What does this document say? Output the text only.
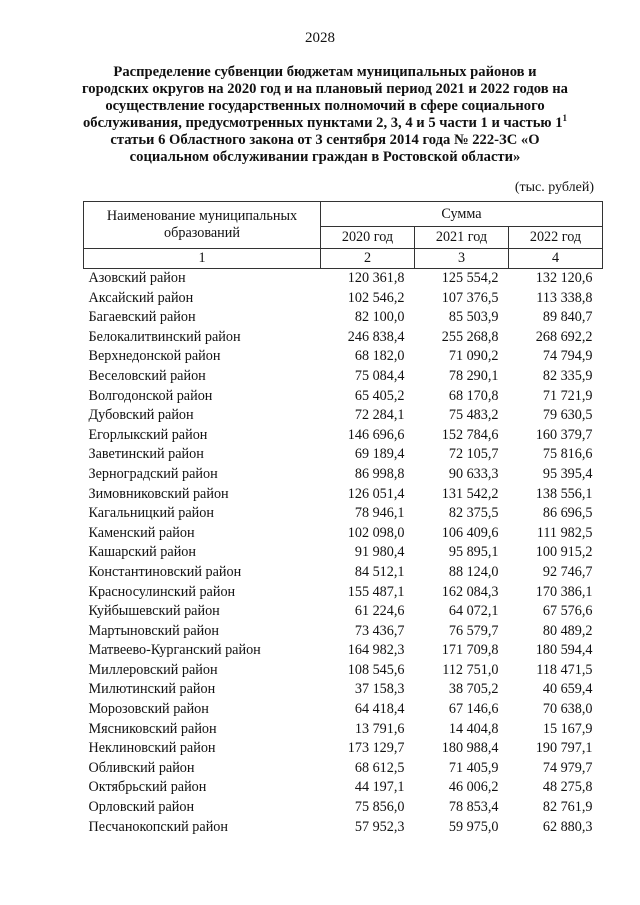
2028
Распределение субвенции бюджетам муниципальных районов и городских округов на 2020 год и на плановый период 2021 и 2022 годов на осуществление государственных полномочий в сфере социального обслуживания, предусмотренных пунктами 2, 3, 4 и 5 части 1 и частью $1^1$ статьи 6 Областного закона от 3 сентября 2014 года № 222-ЗС «О социальном обслуживании граждан в Ростовской области»
(тыс. рублей)
Наименование муниципальных образований	Сумма		
	2020 год	2021 год	2022 год
1	2	3	4
Азовский район	120 361,8	125 554,2	132 120,6
Аксайский район	102 546,2	107 376,5	113 338,8
Багаевский район	82 100,0	85 503,9	89 840,7
Белокалитвинский район	246 838,4	255 268,8	268 692,2
Верхнедонской район	68 182,0	71 090,2	74 794,9
Веселовский район	75 084,4	78 290,1	82 335,9
Волгодонской район	65 405,2	68 170,8	71 721,9
Дубовский район	72 284,1	75 483,2	79 630,5
Егорлыкский район	146 696,6	152 784,6	160 379,7
Заветинский район	69 189,4	72 105,7	75 816,6
Зерноградский район	86 998,8	90 633,3	95 395,4
Зимовниковский район	126 051,4	131 542,2	138 556,1
Кагальницкий район	78 946,1	82 375,5	86 696,5
Каменский район	102 098,0	106 409,6	111 982,5
Кашарский район	91 980,4	95 895,1	100 915,2
Константиновский район	84 512,1	88 124,0	92 746,7
Красносулинский район	155 487,1	162 084,3	170 386,1
Куйбышевский район	61 224,6	64 072,1	67 576,6
Мартыновский район	73 436,7	76 579,7	80 489,2
Матвеево-Курганский район	164 982,3	171 709,8	180 594,4
Миллеровский район	108 545,6	112 751,0	118 471,5
Милютинский район	37 158,3	38 705,2	40 659,4
Морозовский район	64 418,4	67 146,6	70 638,0
Мясниковский район	13 791,6	14 404,8	15 167,9
Неклиновский район	173 129,7	180 988,4	190 797,1
Обливский район	68 612,5	71 405,9	74 979,7
Октябрьский район	44 197,1	46 006,2	48 275,8
Орловский район	75 856,0	78 853,4	82 761,9
Песчанокопский район	57 952,3	59 975,0	62 880,3
